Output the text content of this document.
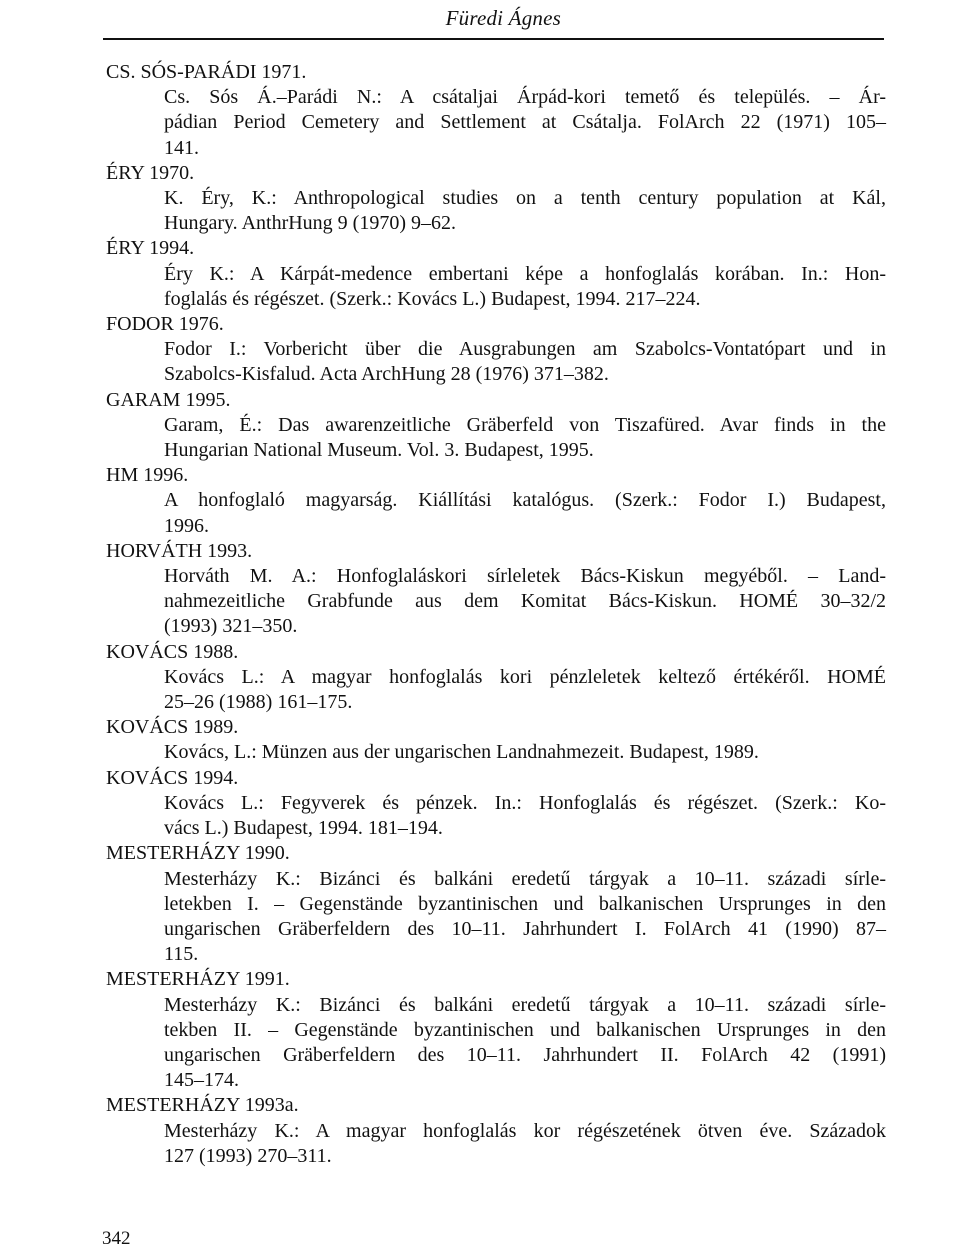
Füredi Ágnes
CS. SÓS-PARÁDI 1971.
Cs. Sós Á.–Parádi N.: A csátaljai Árpád-kori temető és település. – Ár-
pádian Period Cemetery and Settlement at Csátalja. FolArch 22 (1971) 105–
141.
ÉRY 1970.
K. Éry, K.: Anthropological studies on a tenth century population at Kál,
Hungary. AnthrHung 9 (1970) 9–62.
ÉRY 1994.
Éry K.: A Kárpát-medence embertani képe a honfoglalás korában. In.: Hon-
foglalás és régészet. (Szerk.: Kovács L.) Budapest, 1994. 217–224.
FODOR 1976.
Fodor I.: Vorbericht über die Ausgrabungen am Szabolcs-Vontatópart und in
Szabolcs-Kisfalud. Acta ArchHung 28 (1976) 371–382.
GARAM 1995.
Garam, É.: Das awarenzeitliche Gräberfeld von Tiszafüred. Avar finds in the
Hungarian National Museum. Vol. 3. Budapest, 1995.
HM 1996.
A honfoglaló magyarság. Kiállítási katalógus. (Szerk.: Fodor I.) Budapest,
1996.
HORVÁTH 1993.
Horváth M. A.: Honfoglaláskori sírleletek Bács-Kiskun megyéből. – Land-
nahmezeitliche Grabfunde aus dem Komitat Bács-Kiskun. HOMÉ 30–32/2
(1993) 321–350.
KOVÁCS 1988.
Kovács L.: A magyar honfoglalás kori pénzleletek keltező értékéről. HOMÉ
25–26 (1988) 161–175.
KOVÁCS 1989.
Kovács, L.: Münzen aus der ungarischen Landnahmezeit. Budapest, 1989.
KOVÁCS 1994.
Kovács L.: Fegyverek és pénzek. In.: Honfoglalás és régészet. (Szerk.: Ko-
vács L.) Budapest, 1994. 181–194.
MESTERHÁZY 1990.
Mesterházy K.: Bizánci és balkáni eredetű tárgyak a 10–11. századi sírle-
letekben I. – Gegenstände byzantinischen und balkanischen Ursprunges in den
ungarischen Gräberfeldern des 10–11. Jahrhundert I. FolArch 41 (1990) 87–
115.
MESTERHÁZY 1991.
Mesterházy K.: Bizánci és balkáni eredetű tárgyak a 10–11. századi sírle-
tekben II. – Gegenstände byzantinischen und balkanischen Ursprunges in den
ungarischen Gräberfeldern des 10–11. Jahrhundert II. FolArch 42 (1991)
145–174.
MESTERHÁZY 1993a.
Mesterházy K.: A magyar honfoglalás kor régészetének ötven éve. Századok
127 (1993) 270–311.
342
